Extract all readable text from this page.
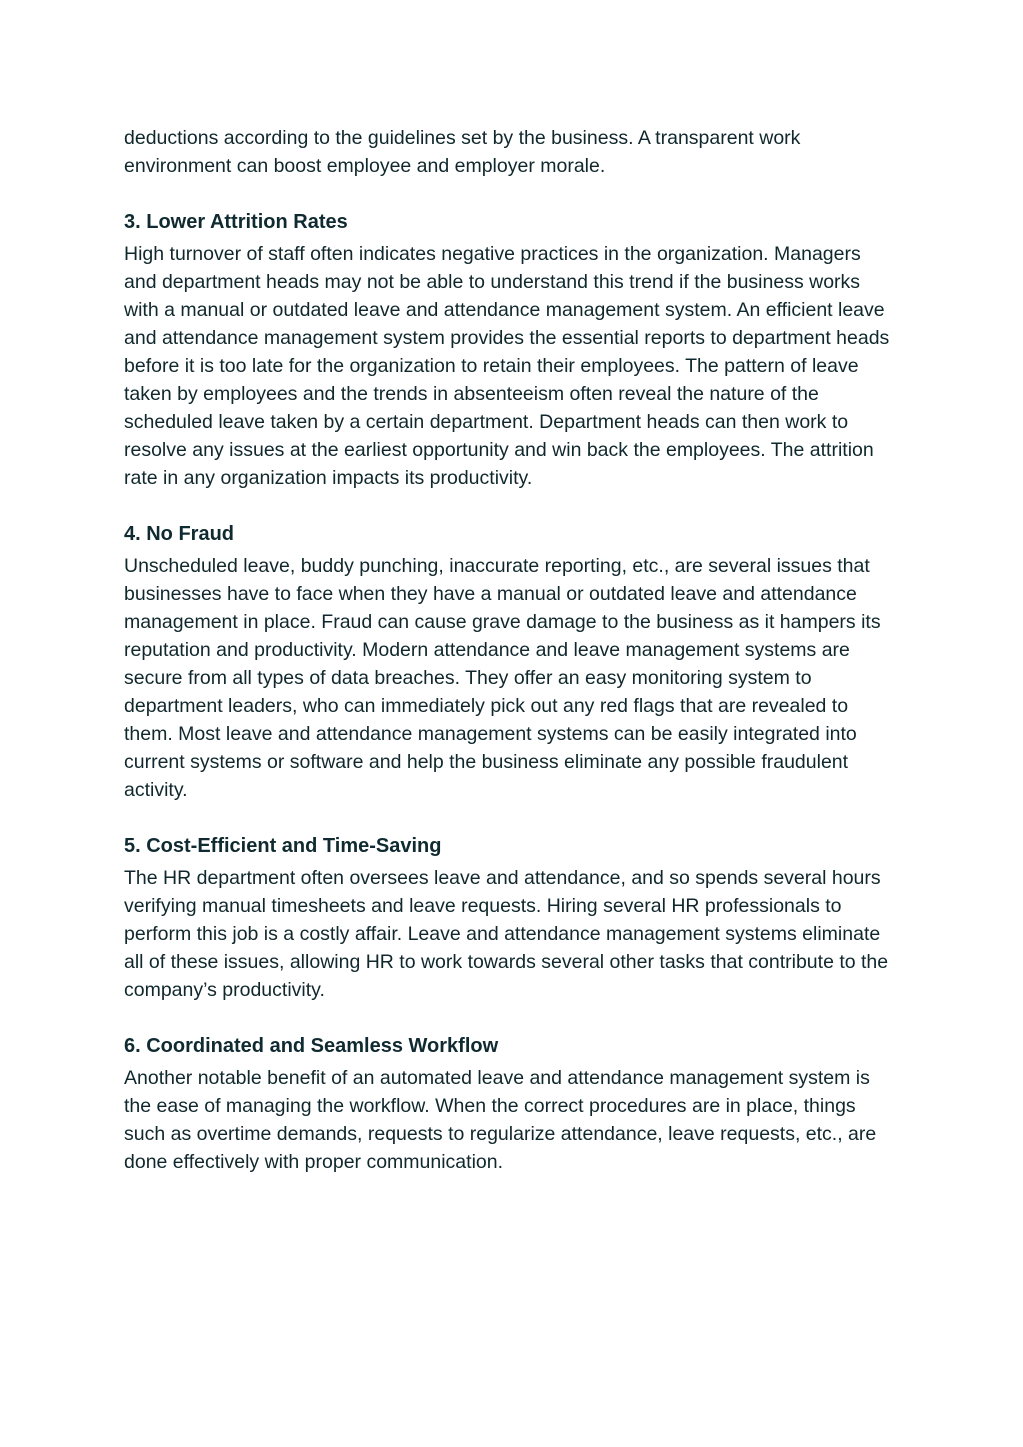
deductions according to the guidelines set by the business. A transparent work environment can boost employee and employer morale.

3. Lower Attrition Rates

High turnover of staff often indicates negative practices in the organization. Managers and department heads may not be able to understand this trend if the business works with a manual or outdated leave and attendance management system. An efficient leave and attendance management system provides the essential reports to department heads before it is too late for the organization to retain their employees. The pattern of leave taken by employees and the trends in absenteeism often reveal the nature of the scheduled leave taken by a certain department. Department heads can then work to resolve any issues at the earliest opportunity and win back the employees. The attrition rate in any organization impacts its productivity.

4. No Fraud

Unscheduled leave, buddy punching, inaccurate reporting, etc., are several issues that businesses have to face when they have a manual or outdated leave and attendance management in place. Fraud can cause grave damage to the business as it hampers its reputation and productivity. Modern attendance and leave management systems are secure from all types of data breaches. They offer an easy monitoring system to department leaders, who can immediately pick out any red flags that are revealed to them. Most leave and attendance management systems can be easily integrated into current systems or software and help the business eliminate any possible fraudulent activity.

5. Cost-Efficient and Time-Saving

The HR department often oversees leave and attendance, and so spends several hours verifying manual timesheets and leave requests. Hiring several HR professionals to perform this job is a costly affair. Leave and attendance management systems eliminate all of these issues, allowing HR to work towards several other tasks that contribute to the company’s productivity.

6. Coordinated and Seamless Workflow

Another notable benefit of an automated leave and attendance management system is the ease of managing the workflow. When the correct procedures are in place, things such as overtime demands, requests to regularize attendance, leave requests, etc., are done effectively with proper communication.
